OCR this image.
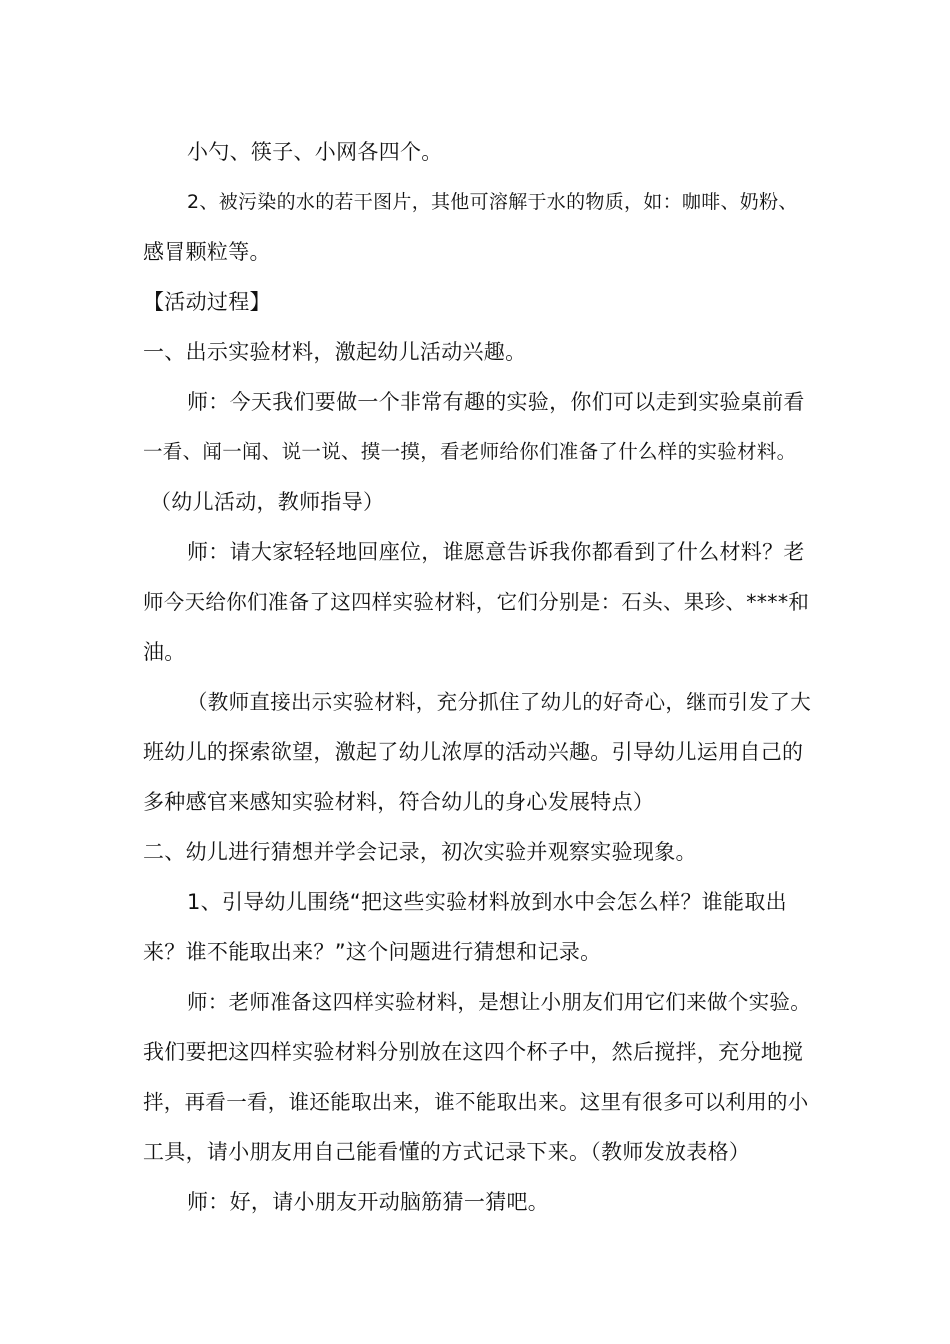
小勺、筷子、小网各四个。
2、被污染的水的若干图片，其他可溶解于水的物质，如：咖啡、奶粉、
感冒颗粒等。
【活动过程】
一、出示实验材料，激起幼儿活动兴趣。
师：今天我们要做一个非常有趣的实验，你们可以走到实验桌前看
一看、闻一闻、说一说、摸一摸，看老师给你们准备了什么样的实验材料。
（幼儿活动，教师指导）
师：请大家轻轻地回座位，谁愿意告诉我你都看到了什么材料？老
师今天给你们准备了这四样实验材料，它们分别是：石头、果珍、****和
油。
（教师直接出示实验材料，充分抓住了幼儿的好奇心，继而引发了大
班幼儿的探索欲望，激起了幼儿浓厚的活动兴趣。引导幼儿运用自己的
多种感官来感知实验材料，符合幼儿的身心发展特点）
二、幼儿进行猜想并学会记录，初次实验并观察实验现象。
1、引导幼儿围绕“把这些实验材料放到水中会怎么样？谁能取出
来？谁不能取出来？”这个问题进行猜想和记录。
师：老师准备这四样实验材料，是想让小朋友们用它们来做个实验。
我们要把这四样实验材料分别放在这四个杯子中，然后搅拌，充分地搅
拌，再看一看，谁还能取出来，谁不能取出来。这里有很多可以利用的小
工具，请小朋友用自己能看懂的方式记录下来。（教师发放表格）
师：好，请小朋友开动脑筋猜一猜吧。
